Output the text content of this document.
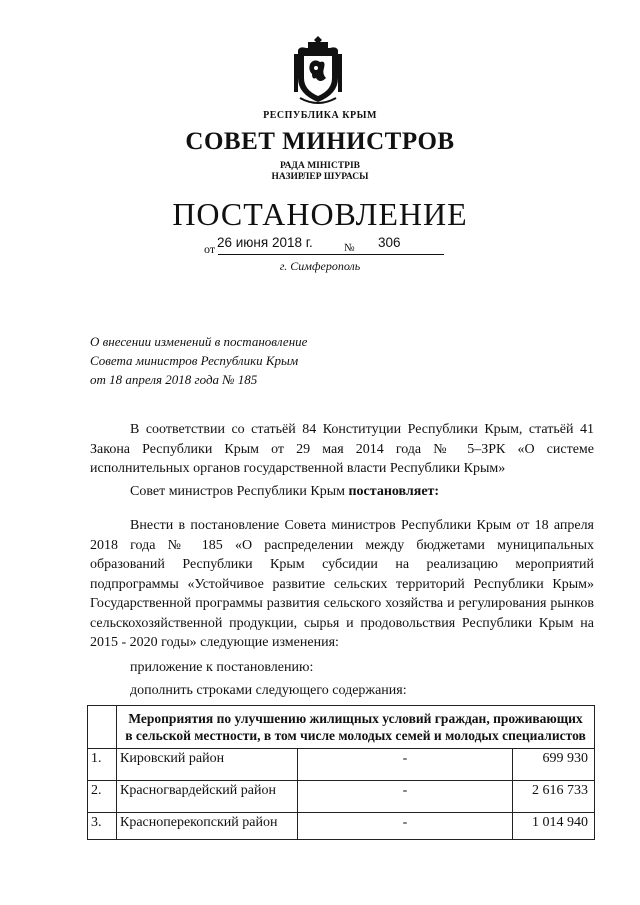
РЕСПУБЛИКА КРЫМ
СОВЕТ МИНИСТРОВ
РАДА МІНІСТРІВ
НАЗИРЛЕР ШУРАСЫ
ПОСТАНОВЛЕНИЕ
от 26 июня 2018 г.	№ 306
г. Симферополь
О внесении изменений в постановление
Совета министров Республики Крым
от 18 апреля 2018 года № 185

В соответствии со статьёй 84 Конституции Республики Крым, статьёй 41 Закона Республики Крым от 29 мая 2014 года № 5–ЗРК «О системе исполнительных органов государственной власти Республики Крым»

Совет министров Республики Крым постановляет:

Внести в постановление Совета министров Республики Крым от 18 апреля 2018 года № 185 «О распределении между бюджетами муниципальных образований Республики Крым субсидии на реализацию мероприятий подпрограммы «Устойчивое развитие сельских территорий Республики Крым» Государственной программы развития сельского хозяйства и регулирования рынков сельскохозяйственной продукции, сырья и продовольствия Республики Крым на 2015 - 2020 годы» следующие изменения:

приложение к постановлению:
дополнить строками следующего содержания:
	Мероприятия по улучшению жилищных условий граждан, проживающих в сельской местности, в том числе молодых семей и молодых специалистов		
1.	Кировский район	-	699 930
2.	Красногвардейский район	-	2 616 733
3.	Красноперекопский район	-	1 014 940
